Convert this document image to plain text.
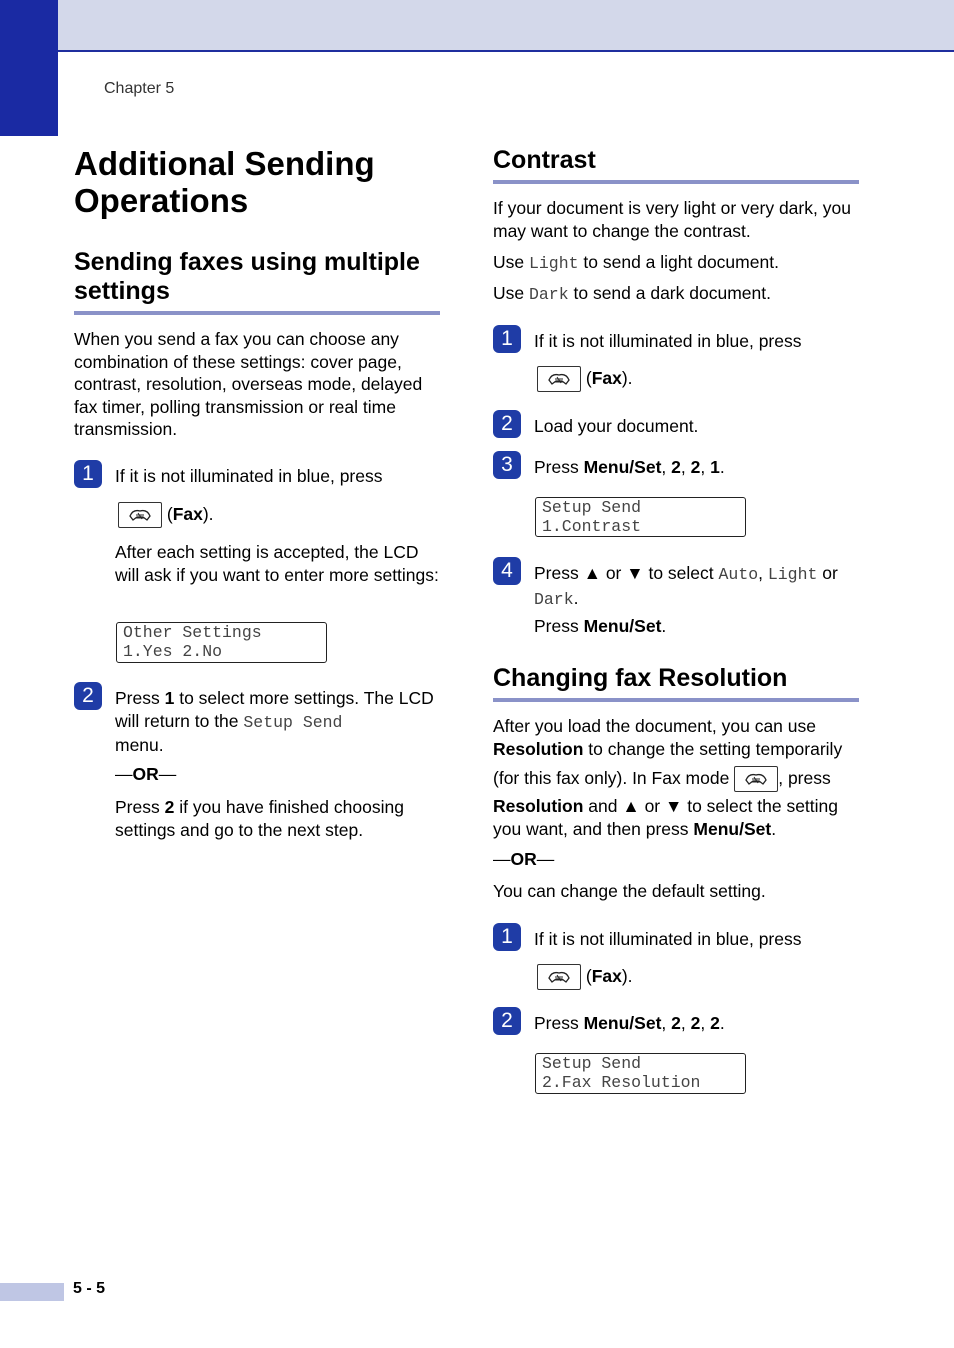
Chapter 5
Additional Sending
Operations
Sending faxes using multiple
settings

When you send a fax you can choose any combination of these settings: cover page, contrast, resolution, overseas mode, delayed fax timer, polling transmission or real time transmission.

1	If it is not illuminated in blue, press

(Fax).

After each setting is accepted, the LCD will ask if you want to enter more settings:

Other Settings
1.Yes 2.No
2	Press 1 to select more settings. The LCD will return to the Setup Send
menu.

—OR—

Press 2 if you have finished choosing settings and go to the next step.

Contrast

If your document is very light or very dark, you may want to change the contrast.

Use Light to send a light document.

Use Dark to send a dark document.

1	If it is not illuminated in blue, press

(Fax).
2	Load your document.

3	Press Menu/Set, 2, 2, 1.

Setup Send
1.Contrast
4	Press ▲ or ▼ to select Auto, Light or
Dark.

Press Menu/Set.

Changing fax Resolution

After you load the document, you can use
Resolution to change the setting temporarily

(for this fax only). In Fax mode	, press

Resolution and ▲ or ▼ to select the setting you want, and then press Menu/Set.

—OR—

You can change the default setting.

1	If it is not illuminated in blue, press

(Fax).
2	Press Menu/Set, 2, 2, 2.

Setup Send
2.Fax Resolution
5 - 5
